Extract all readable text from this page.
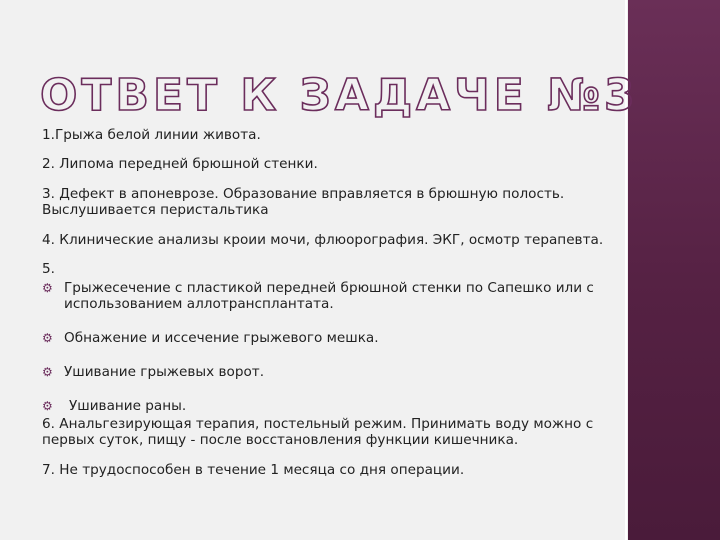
ОТВЕТ К ЗАДАЧЕ №3

1.Грыжа белой линии живота.

2. Липома передней брюшной стенки.

3. Дефект в апоневрозе. Образование вправляется в брюшную полость. Выслушивается перистальтика

4. Клинические анализы кроии мочи, флюорография. ЭКГ, осмотр терапевта.

5.

⚙ Грыжесечение с пластикой передней брюшной стенки по Сапешко или с использованием аллотрансплантата.
⚙ Обнажение и иссечение грыжевого мешка.
⚙ Ушивание грыжевых ворот.
⚙ Ушивание раны.

6. Анальгезирующая терапия, постельный режим. Принимать воду можно с первых суток, пищу - после восстановления функции кишечника.

7. Не трудоспособен в течение 1 месяца со дня операции.
